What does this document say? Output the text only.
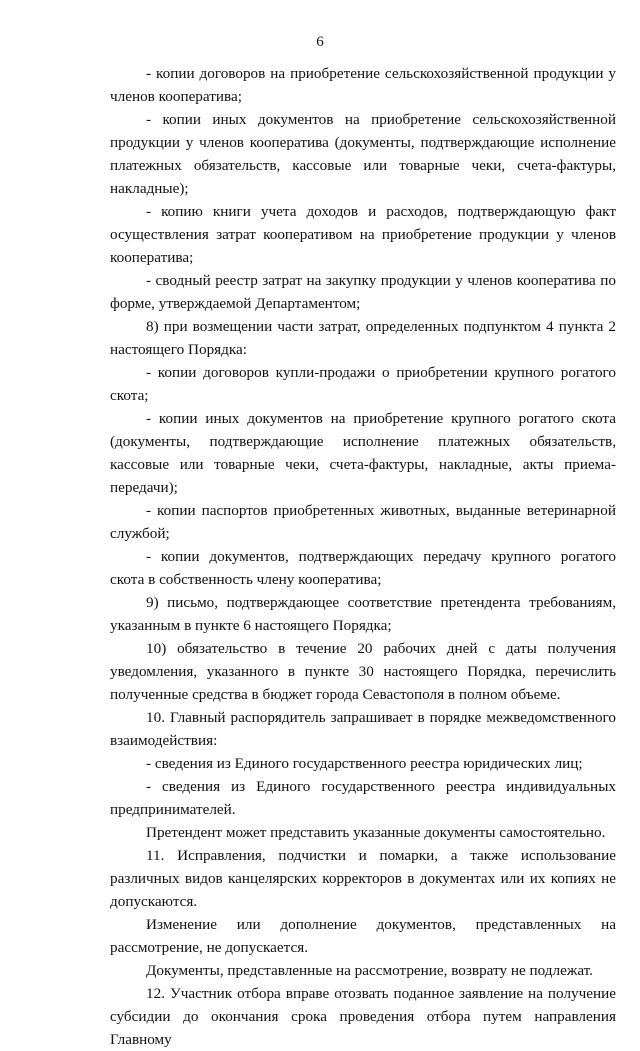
6

- копии договоров на приобретение сельскохозяйственной продукции у членов кооператива;

- копии иных документов на приобретение сельскохозяйственной продукции у членов кооператива (документы, подтверждающие исполнение платежных обязательств, кассовые или товарные чеки, счета-фактуры, накладные);

- копию книги учета доходов и расходов, подтверждающую факт осуществления затрат кооперативом на приобретение продукции у членов кооператива;

- сводный реестр затрат на закупку продукции у членов кооператива по форме, утверждаемой Департаментом;

8) при возмещении части затрат, определенных подпунктом 4 пункта 2 настоящего Порядка:

- копии договоров купли-продажи о приобретении крупного рогатого скота;

- копии иных документов на приобретение крупного рогатого скота (документы, подтверждающие исполнение платежных обязательств, кассовые или товарные чеки, счета-фактуры, накладные, акты приема-передачи);

- копии паспортов приобретенных животных, выданные ветеринарной службой;

- копии документов, подтверждающих передачу крупного рогатого скота в собственность члену кооператива;

9) письмо, подтверждающее соответствие претендента требованиям, указанным в пункте 6 настоящего Порядка;

10) обязательство в течение 20 рабочих дней с даты получения уведомления, указанного в пункте 30 настоящего Порядка, перечислить полученные средства в бюджет города Севастополя в полном объеме.

10. Главный распорядитель запрашивает в порядке межведомственного взаимодействия:

- сведения из Единого государственного реестра юридических лиц;

- сведения из Единого государственного реестра индивидуальных предпринимателей.

Претендент может представить указанные документы самостоятельно.

11. Исправления, подчистки и помарки, а также использование различных видов канцелярских корректоров в документах или их копиях не допускаются.

Изменение или дополнение документов, представленных на рассмотрение, не допускается.

Документы, представленные на рассмотрение, возврату не подлежат.

12. Участник отбора вправе отозвать поданное заявление на получение субсидии до окончания срока проведения отбора путем направления Главному
